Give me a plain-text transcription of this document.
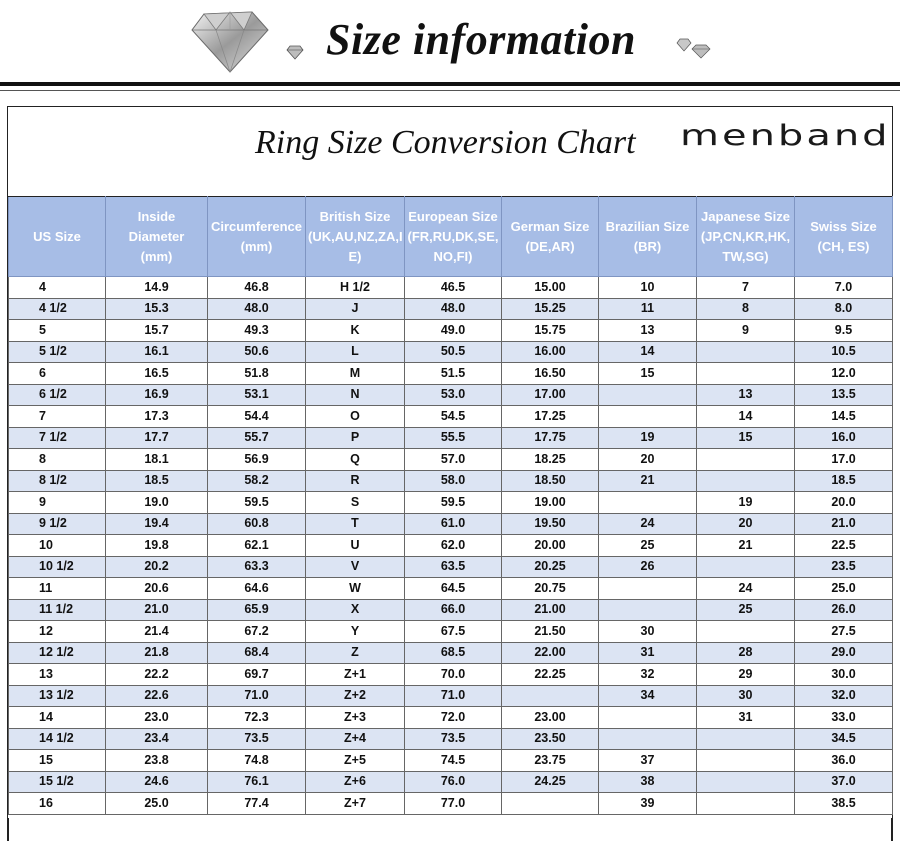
Size information
Ring Size Conversion Chart menband
US Size	Inside
Diameter
(mm)	Circumference
(mm)	British Size
(UK,AU,NZ,ZA,I
E)	European Size
(FR,RU,DK,SE,
NO,FI)	German Size
(DE,AR)	Brazilian Size
(BR)	Japanese Size
(JP,CN,KR,HK,
TW,SG)	Swiss Size
(CH, ES)
4	14.9	46.8	H 1/2	46.5	15.00	10	7	7.0
4 1/2	15.3	48.0	J	48.0	15.25	11	8	8.0
5	15.7	49.3	K	49.0	15.75	13	9	9.5
5 1/2	16.1	50.6	L	50.5	16.00	14		10.5
6	16.5	51.8	M	51.5	16.50	15		12.0
6 1/2	16.9	53.1	N	53.0	17.00		13	13.5
7	17.3	54.4	O	54.5	17.25		14	14.5
7 1/2	17.7	55.7	P	55.5	17.75	19	15	16.0
8	18.1	56.9	Q	57.0	18.25	20		17.0
8 1/2	18.5	58.2	R	58.0	18.50	21		18.5
9	19.0	59.5	S	59.5	19.00		19	20.0
9 1/2	19.4	60.8	T	61.0	19.50	24	20	21.0
10	19.8	62.1	U	62.0	20.00	25	21	22.5
10 1/2	20.2	63.3	V	63.5	20.25	26		23.5
11	20.6	64.6	W	64.5	20.75		24	25.0
11 1/2	21.0	65.9	X	66.0	21.00		25	26.0
12	21.4	67.2	Y	67.5	21.50	30		27.5
12 1/2	21.8	68.4	Z	68.5	22.00	31	28	29.0
13	22.2	69.7	Z+1	70.0	22.25	32	29	30.0
13 1/2	22.6	71.0	Z+2	71.0		34	30	32.0
14	23.0	72.3	Z+3	72.0	23.00		31	33.0
14 1/2	23.4	73.5	Z+4	73.5	23.50			34.5
15	23.8	74.8	Z+5	74.5	23.75	37		36.0
15 1/2	24.6	76.1	Z+6	76.0	24.25	38		37.0
16	25.0	77.4	Z+7	77.0		39		38.5
